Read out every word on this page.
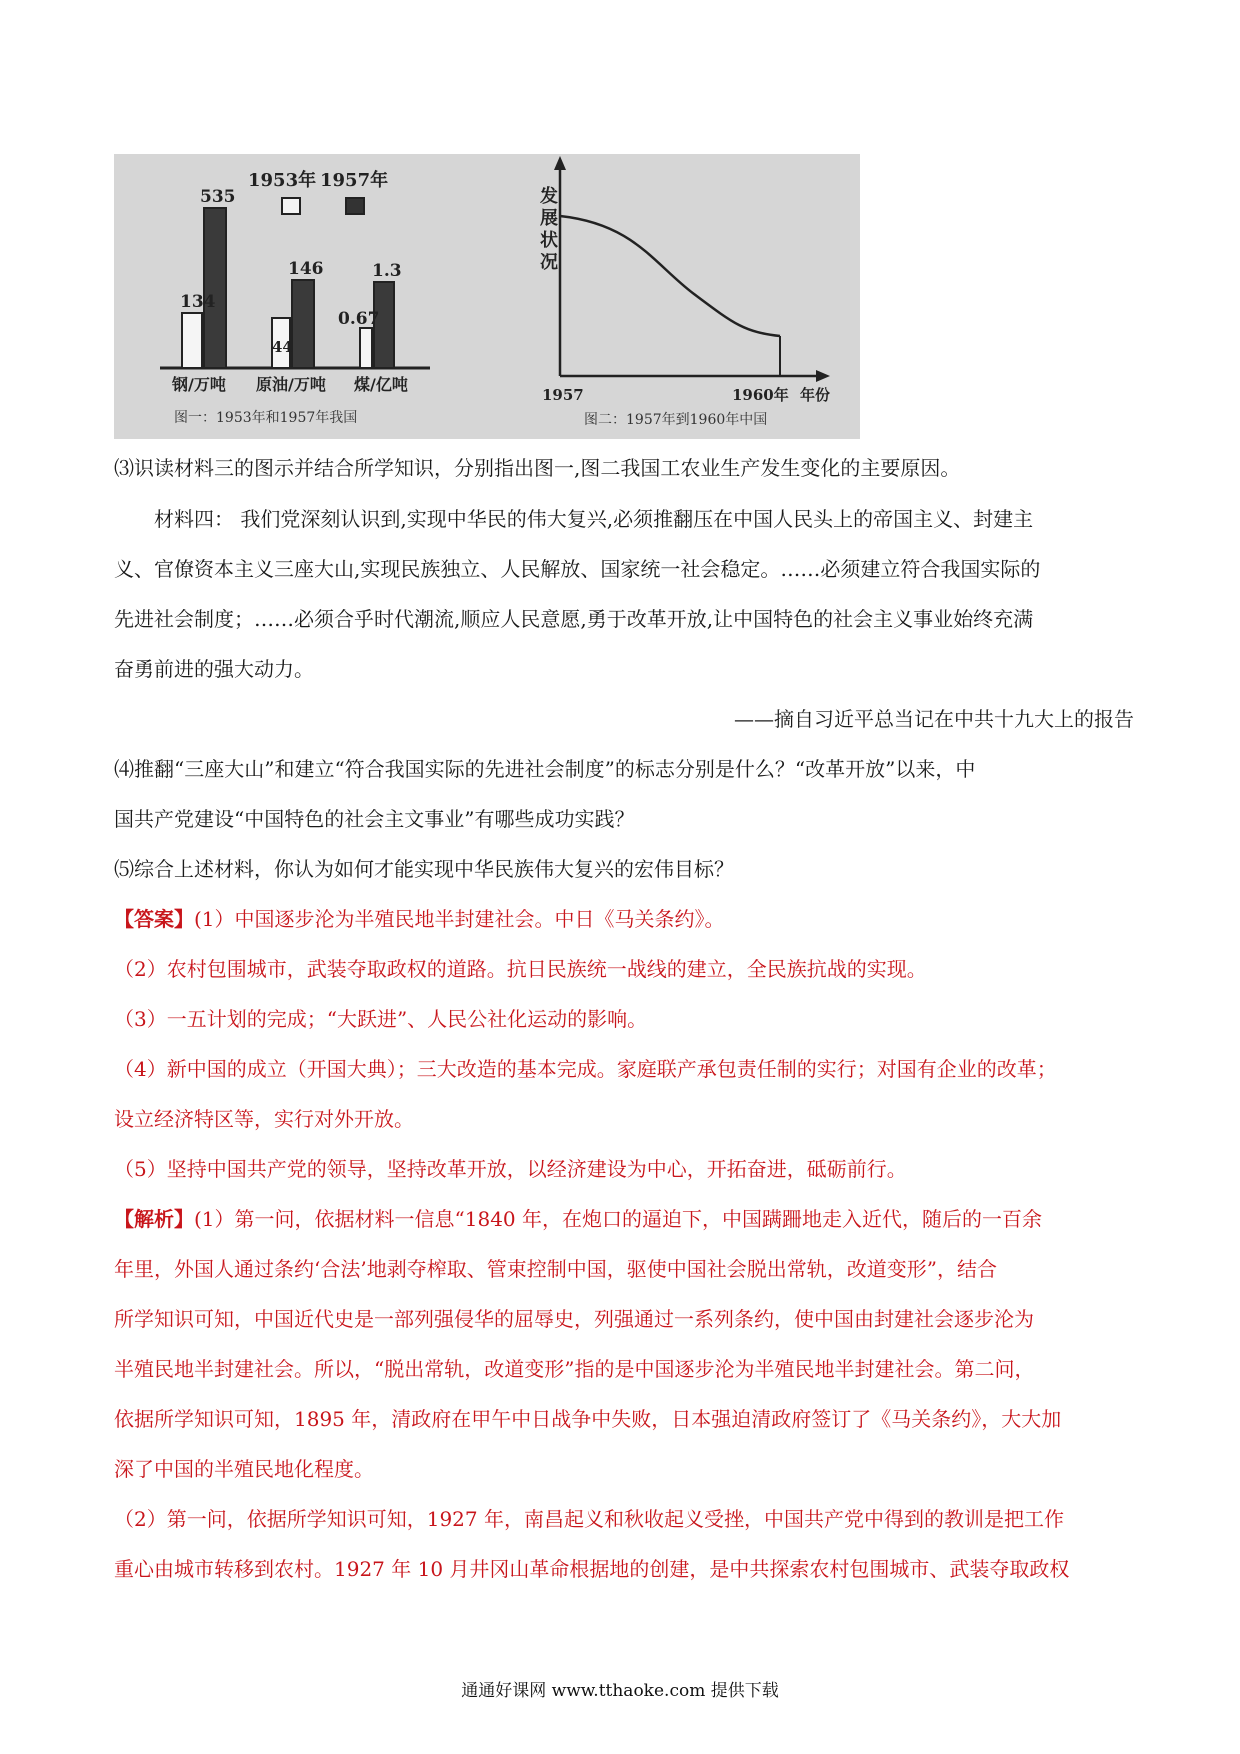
1953年 1957年
134
535
44
146
0.67
1.3
钢/万吨 原油/万吨 煤/亿吨
图一：1953年和1957年我国
发展状况
1957	1960年 年份
图二：1957年到1960年中国
⑶识读材料三的图示并结合所学知识，分别指出图一,图二我国工农业生产发生变化的主要原因。
材料四： 我们党深刻认识到,实现中华民的伟大复兴,必须推翻压在中国人民头上的帝国主义、封建主
义、官僚资本主义三座大山,实现民族独立、人民解放、国家统一社会稳定。……必须建立符合我国实际的
先进社会制度；……必须合乎时代潮流,顺应人民意愿,勇于改革开放,让中国特色的社会主义事业始终充满
奋勇前进的强大动力。
——摘自习近平总当记在中共十九大上的报告
⑷推翻“三座大山”和建立“符合我国实际的先进社会制度”的标志分别是什么？“改革开放”以来，中
国共产党建设“中国特色的社会主文事业”有哪些成功实践？
⑸综合上述材料，你认为如何才能实现中华民族伟大复兴的宏伟目标？
【答案】(1）中国逐步沦为半殖民地半封建社会。中日《马关条约》。
（2）农村包围城市，武装夺取政权的道路。抗日民族统一战线的建立，全民族抗战的实现。
（3）一五计划的完成；“大跃进”、人民公社化运动的影响。
（4）新中国的成立（开国大典）；三大改造的基本完成。家庭联产承包责任制的实行；对国有企业的改革；
设立经济特区等，实行对外开放。
（5）坚持中国共产党的领导，坚持改革开放，以经济建设为中心，开拓奋进，砥砺前行。
【解析】(1）第一问，依据材料一信息“1840 年，在炮口的逼迫下，中国蹒跚地走入近代，随后的一百余
年里，外国人通过条约‘合法’地剥夺榨取、管束控制中国，驱使中国社会脱出常轨，改道变形”，结合
所学知识可知，中国近代史是一部列强侵华的屈辱史，列强通过一系列条约，使中国由封建社会逐步沦为
半殖民地半封建社会。所以，“脱出常轨，改道变形”指的是中国逐步沦为半殖民地半封建社会。第二问，
依据所学知识可知，1895 年，清政府在甲午中日战争中失败，日本强迫清政府签订了《马关条约》，大大加
深了中国的半殖民地化程度。
（2）第一问，依据所学知识可知，1927 年，南昌起义和秋收起义受挫，中国共产党中得到的教训是把工作
重心由城市转移到农村。1927 年 10 月井冈山革命根据地的创建，是中共探索农村包围城市、武装夺取政权
通通好课网 www.tthaoke.com 提供下载
